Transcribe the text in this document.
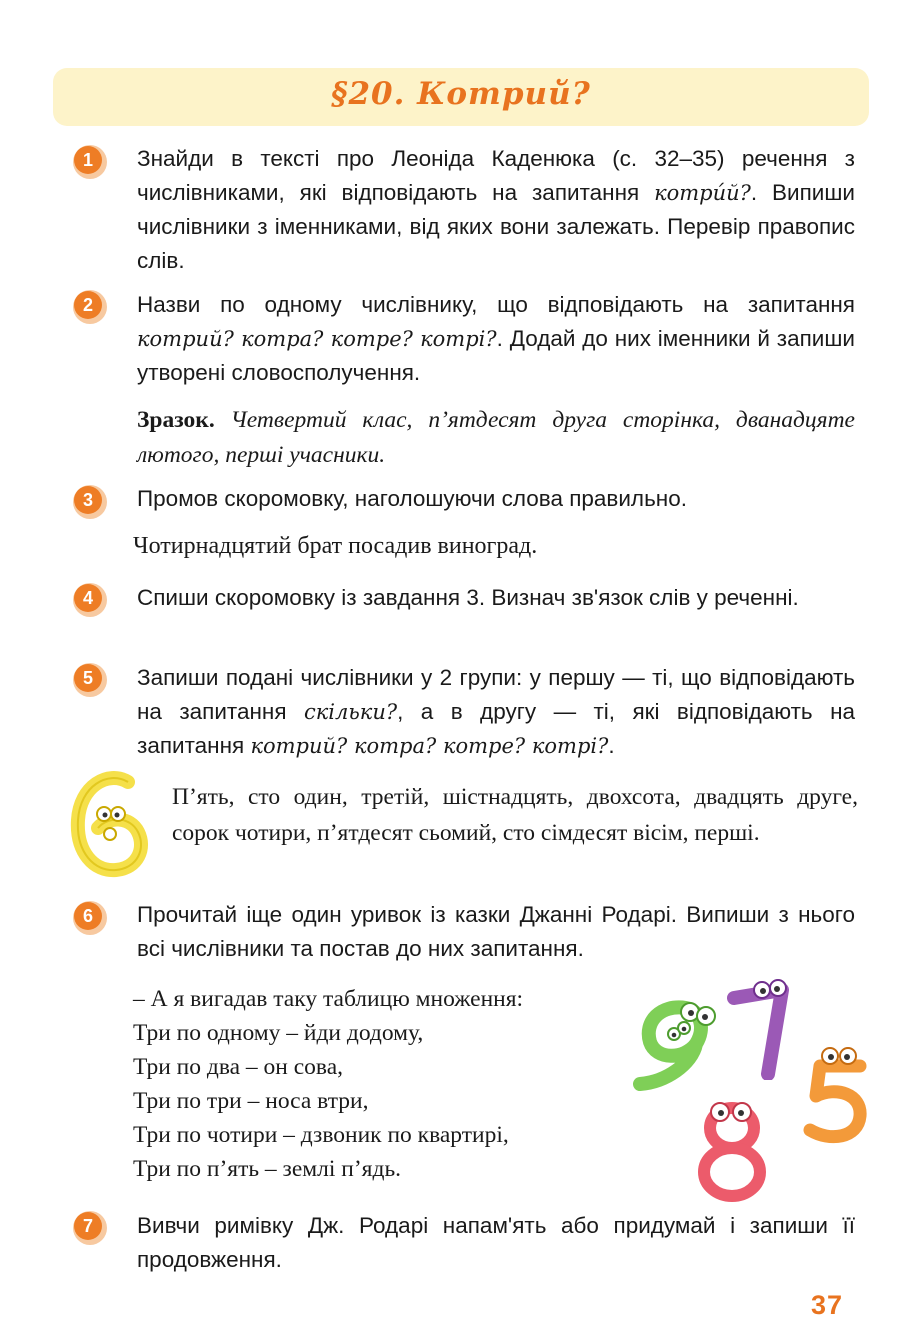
§20. Котрий?
1 Знайди в тексті про Леоніда Каденюка (с. 32–35) речення з числівниками, які відповідають на запитання котрúй?. Випиши числівники з іменниками, від яких вони залежать. Перевір правопис слів.
2 Назви по одному числівнику, що відповідають на запитання котрий? котра? котре? котрі?. Додай до них іменники й запиши утворені словосполучення.
Зразок. Четвертий клас, п’ятдесят друга сторінка, дванадцяте лютого, перші учасники.
3 Промов скоромовку, наголошуючи слова правильно.
Чотирнадцятий брат посадив виноград.
4 Спиши скоромовку із завдання 3. Визнач зв'язок слів у реченні.
5 Запиши подані числівники у 2 групи: у першу — ті, що відповідають на запитання скільки?, а в другу — ті, які відповідають на запитання котрий? котра? котре? котрі?.
П’ять, сто один, третій, шістнадцять, двохсота, двадцять друге, сорок чотири, п’ятдесят сьомий, сто сімдесят вісім, перші.
6 Прочитай іще один уривок із казки Джанні Родарі. Випиши з нього всі числівники та постав до них запитання.
– А я вигадав таку таблицю множення:
Три по одному – йди додому,
Три по два – он сова,
Три по три – носа втри,
Три по чотири – дзвоник по квартирі,
Три по п’ять – землі п’ядь.
7 Вивчи римівку Дж. Родарі напам'ять або придумай і запиши її продовження.
37
